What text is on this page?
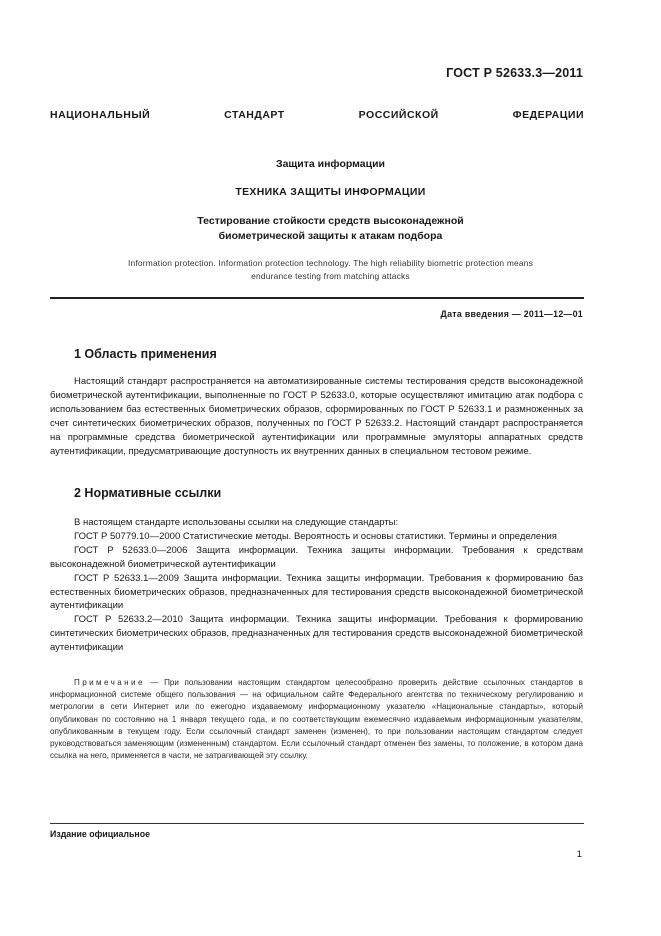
ГОСТ Р 52633.3—2011
НАЦИОНАЛЬНЫЙ СТАНДАРТ РОССИЙСКОЙ ФЕДЕРАЦИИ
Защита информации
ТЕХНИКА ЗАЩИТЫ ИНФОРМАЦИИ
Тестирование стойкости средств высоконадежной
биометрической защиты к атакам подбора
Information protection. Information protection technology. The high reliability biometric protection means
endurance testing from matching attacks
Дата введения — 2011—12—01
1 Область применения

Настоящий стандарт распространяется на автоматизированные системы тестирования средств высоконадежной биометрической аутентификации, выполненные по ГОСТ Р 52633.0, которые осуществляют имитацию атак подбора с использованием баз естественных биометрических образов, сформированных по ГОСТ Р 52633.1 и размноженных за счет синтетических биометрических образов, полученных по ГОСТ Р 52633.2. Настоящий стандарт распространяется на программные средства биометрической аутентификации или программные эмуляторы аппаратных средств аутентификации, предусматривающие доступность их внутренних данных в специальном тестовом режиме.

2 Нормативные ссылки

В настоящем стандарте использованы ссылки на следующие стандарты:

ГОСТ Р 50779.10—2000 Статистические методы. Вероятность и основы статистики. Термины и определения

ГОСТ Р 52633.0—2006 Защита информации. Техника защиты информации. Требования к средствам высоконадежной биометрической аутентификации

ГОСТ Р 52633.1—2009 Защита информации. Техника защиты информации. Требования к формированию баз естественных биометрических образов, предназначенных для тестирования средств высоконадежной биометрической аутентификации

ГОСТ Р 52633.2—2010 Защита информации. Техника защиты информации. Требования к формированию синтетических биометрических образов, предназначенных для тестирования средств высоконадежной биометрической аутентификации

Примечание — При пользовании настоящим стандартом целесообразно проверить действие ссылочных стандартов в информационной системе общего пользования — на официальном сайте Федерального агентства по техническому регулированию и метрологии в сети Интернет или по ежегодно издаваемому информационному указателю «Национальные стандарты», который опубликован по состоянию на 1 января текущего года, и по соответствующим ежемесячно издаваемым информационным указателям, опубликованным в текущем году. Если ссылочный стандарт заменен (изменен), то при пользовании настоящим стандартом следует руководствоваться заменяющим (измененным) стандартом. Если ссылочный стандарт отменен без замены, то положение, в котором дана ссылка на него, применяется в части, не затрагивающей эту ссылку.

Издание официальное
1
